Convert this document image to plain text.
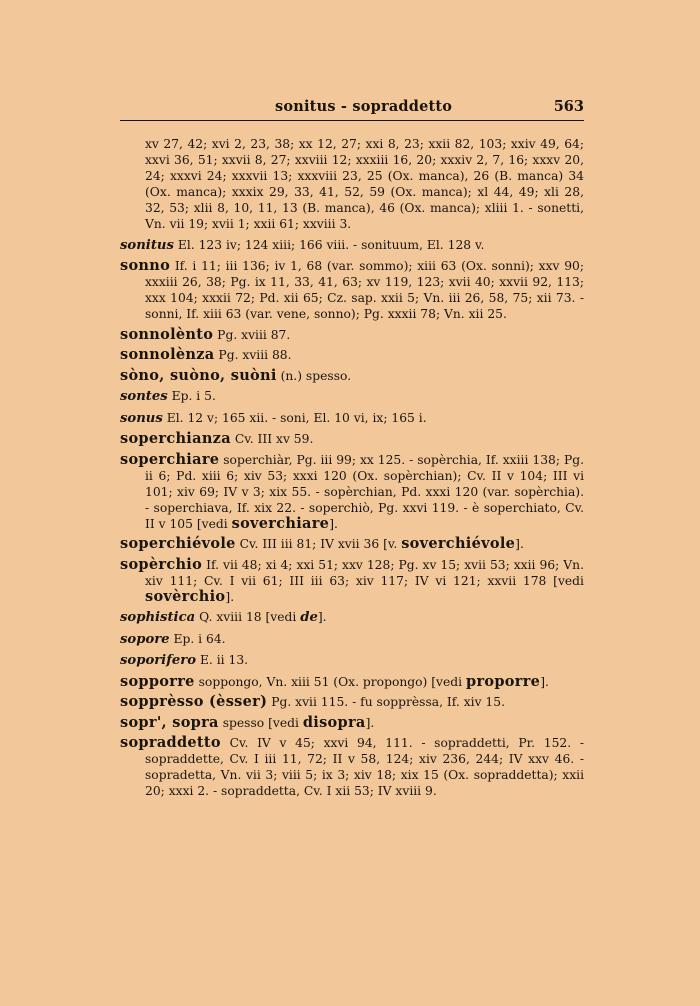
sonitus - sopraddetto	563

xv 27, 42; xvi 2, 23, 38; xx 12, 27; xxi 8, 23; xxii 82, 103; xxiv 49, 64; xxvi 36, 51; xxvii 8, 27; xxviii 12; xxxiii 16, 20; xxxiv 2, 7, 16; xxxv 20, 24; xxxvi 24; xxxvii 13; xxxviii 23, 25 (Ox. manca), 26 (B. manca) 34 (Ox. manca); xxxix 29, 33, 41, 52, 59 (Ox. manca); xl 44, 49; xli 28, 32, 53; xlii 8, 10, 11, 13 (B. manca), 46 (Ox. manca); xliii 1. - sonetti, Vn. vii 19; xvii 1; xxii 61; xxviii 3.

sonitus El. 123 iv; 124 xiii; 166 viii. - sonituum, El. 128 v.

sonno If. i 11; iii 136; iv 1, 68 (var. sommo); xiii 63 (Ox. sonni); xxv 90; xxxiii 26, 38; Pg. ix 11, 33, 41, 63; xv 119, 123; xvii 40; xxvii 92, 113; xxx 104; xxxii 72; Pd. xii 65; Cz. sap. xxii 5; Vn. iii 26, 58, 75; xii 73. - sonni, If. xiii 63 (var. vene, sonno); Pg. xxxii 78; Vn. xii 25.

sonnolènto Pg. xviii 87.

sonnolènza Pg. xviii 88.

sòno, suòno, suòni (n.) spesso.

sontes Ep. i 5.

sonus El. 12 v; 165 xii. - soni, El. 10 vi, ix; 165 i.

soperchianza Cv. III xv 59.

soperchiare soperchiàr, Pg. iii 99; xx 125. - sopèrchia, If. xxiii 138; Pg. ii 6; Pd. xiii 6; xiv 53; xxxi 120 (Ox. sopèrchian); Cv. II v 104; III vi 101; xiv 69; IV v 3; xix 55. - sopèrchian, Pd. xxxi 120 (var. sopèrchia). - soperchiava, If. xix 22. - soperchiò, Pg. xxvi 119. - è soperchiato, Cv. II v 105 [vedi soverchiare].

soperchiévole Cv. III iii 81; IV xvii 36 [v. soverchiévole].

sopèrchio If. vii 48; xi 4; xxi 51; xxv 128; Pg. xv 15; xvii 53; xxii 96; Vn. xiv 111; Cv. I vii 61; III iii 63; xiv 117; IV vi 121; xxvii 178 [vedi sovèrchio].

sophistica Q. xviii 18 [vedi de].

sopore Ep. i 64.

soporifero E. ii 13.

sopporre soppongo, Vn. xiii 51 (Ox. propongo) [vedi proporre].

sopprèsso (èsser) Pg. xvii 115. - fu sopprèssa, If. xiv 15.

sopr', sopra spesso [vedi disopra].

sopraddetto Cv. IV v 45; xxvi 94, 111. - sopraddetti, Pr. 152. - sopraddette, Cv. I iii 11, 72; II v 58, 124; xiv 236, 244; IV xxv 46. - sopradetta, Vn. vii 3; viii 5; ix 3; xiv 18; xix 15 (Ox. sopraddetta); xxii 20; xxxi 2. - sopraddetta, Cv. I xii 53; IV xviii 9.
